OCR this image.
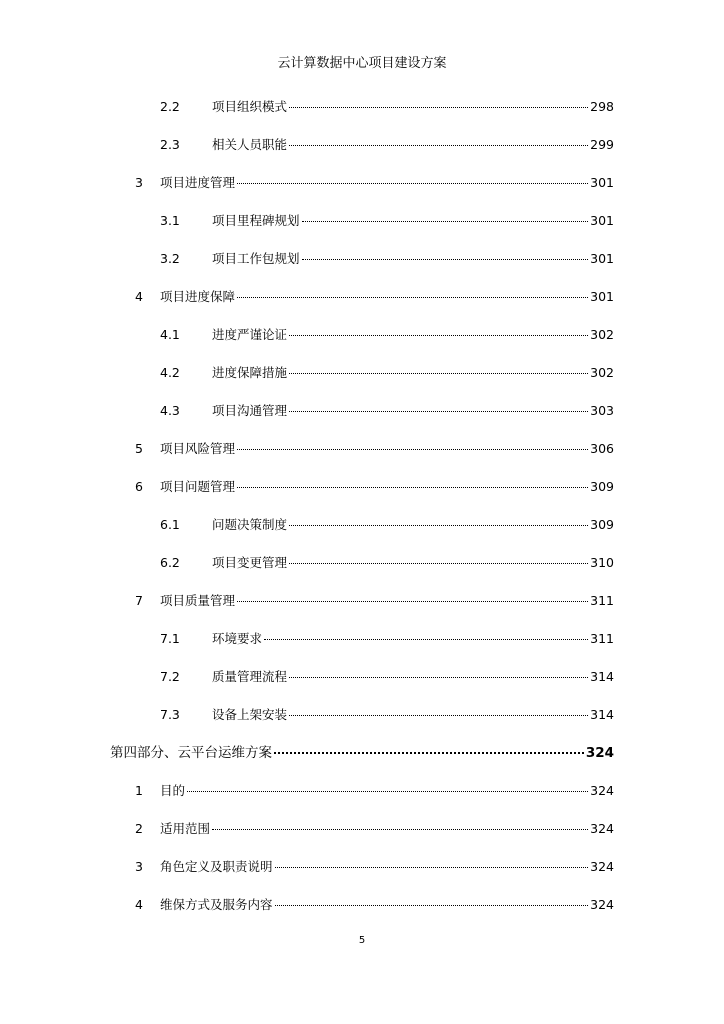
云计算数据中心项目建设方案
2.2	项目组织模式	298
2.3	相关人员职能	299
3 项目进度管理	301
3.1	项目里程碑规划	301
3.2	项目工作包规划	301
4 项目进度保障	301
4.1	进度严谨论证	302
4.2	进度保障措施	302
4.3	项目沟通管理	303
5 项目风险管理	306
6 项目问题管理	309
6.1	问题决策制度	309
6.2	项目变更管理	310
7 项目质量管理	311
7.1	环境要求	311
7.2	质量管理流程	314
7.3	设备上架安装	314
第四部分、云平台运维方案	324
1 目的	324
2 适用范围	324
3 角色定义及职责说明	324
4 维保方式及服务内容	324
5
